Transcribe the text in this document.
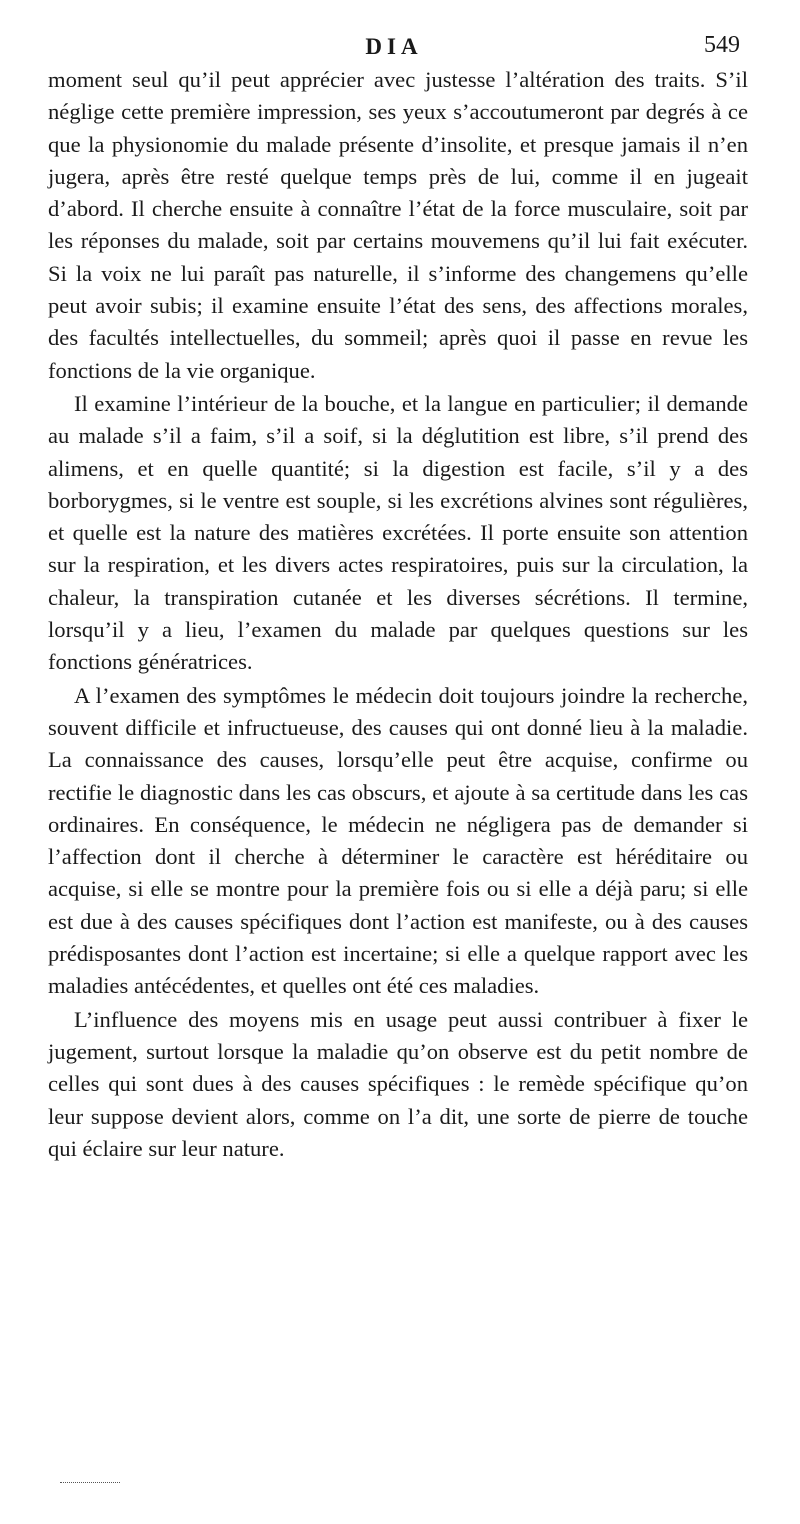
DIA	549

moment seul qu’il peut apprécier avec justesse l’altération des traits. S’il néglige cette première impression, ses yeux s’accoutumeront par degrés à ce que la physionomie du malade présente d’insolite, et presque jamais il n’en jugera, après être resté quelque temps près de lui, comme il en jugeait d’abord. Il cherche ensuite à connaître l’état de la force musculaire, soit par les réponses du malade, soit par certains mouvemens qu’il lui fait exécuter. Si la voix ne lui paraît pas naturelle, il s’informe des changemens qu’elle peut avoir subis; il examine ensuite l’état des sens, des affections morales, des facultés intellectuelles, du sommeil; après quoi il passe en revue les fonctions de la vie organique.

Il examine l’intérieur de la bouche, et la langue en particulier; il demande au malade s’il a faim, s’il a soif, si la déglutition est libre, s’il prend des alimens, et en quelle quantité; si la digestion est facile, s’il y a des borborygmes, si le ventre est souple, si les excrétions alvines sont régulières, et quelle est la nature des matières excrétées. Il porte ensuite son attention sur la respiration, et les divers actes respiratoires, puis sur la circulation, la chaleur, la transpiration cutanée et les diverses sécrétions. Il termine, lorsqu’il y a lieu, l’examen du malade par quelques questions sur les fonctions génératrices.

A l’examen des symptômes le médecin doit toujours joindre la recherche, souvent difficile et infructueuse, des causes qui ont donné lieu à la maladie. La connaissance des causes, lorsqu’elle peut être acquise, confirme ou rectifie le diagnostic dans les cas obscurs, et ajoute à sa certitude dans les cas ordinaires. En conséquence, le médecin ne négligera pas de demander si l’affection dont il cherche à déterminer le caractère est héréditaire ou acquise, si elle se montre pour la première fois ou si elle a déjà paru; si elle est due à des causes spécifiques dont l’action est manifeste, ou à des causes prédisposantes dont l’action est incertaine; si elle a quelque rapport avec les maladies antécédentes, et quelles ont été ces maladies.

L’influence des moyens mis en usage peut aussi contribuer à fixer le jugement, surtout lorsque la maladie qu’on observe est du petit nombre de celles qui sont dues à des causes spécifiques : le remède spécifique qu’on leur suppose devient alors, comme on l’a dit, une sorte de pierre de touche qui éclaire sur leur nature.
